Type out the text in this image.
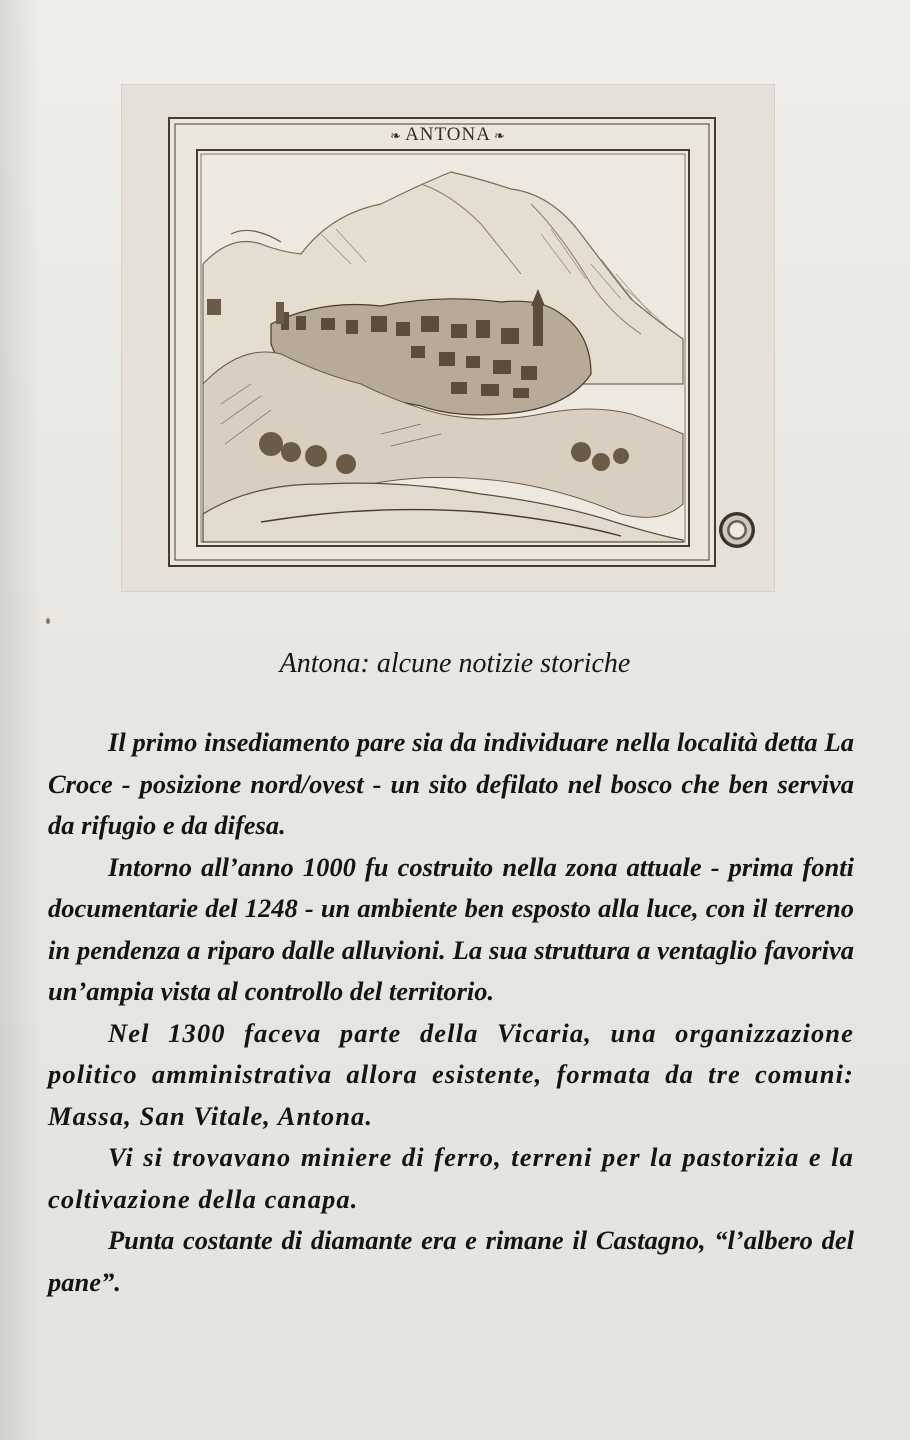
❧ ANTONA ❧
Antona: alcune notizie storiche

Il primo insediamento pare sia da individuare nella località detta La Croce - posizione nord/ovest - un sito defilato nel bosco che ben serviva da rifugio e da difesa.

Intorno all’anno 1000 fu costruito nella zona attuale - prima fonti documentarie del 1248 - un ambiente ben esposto alla luce, con il terreno in pendenza a riparo dalle alluvioni. La sua struttura a ventaglio favoriva un’ampia vista al controllo del territorio.

Nel 1300 faceva parte della Vicaria, una organizzazione politico amministrativa allora esistente, formata da tre comuni: Massa, San Vitale, Antona.

Vi si trovavano miniere di ferro, terreni per la pastorizia e la coltivazione della canapa.

Punta costante di diamante era e rimane il Castagno, “l’albero del pane”.
